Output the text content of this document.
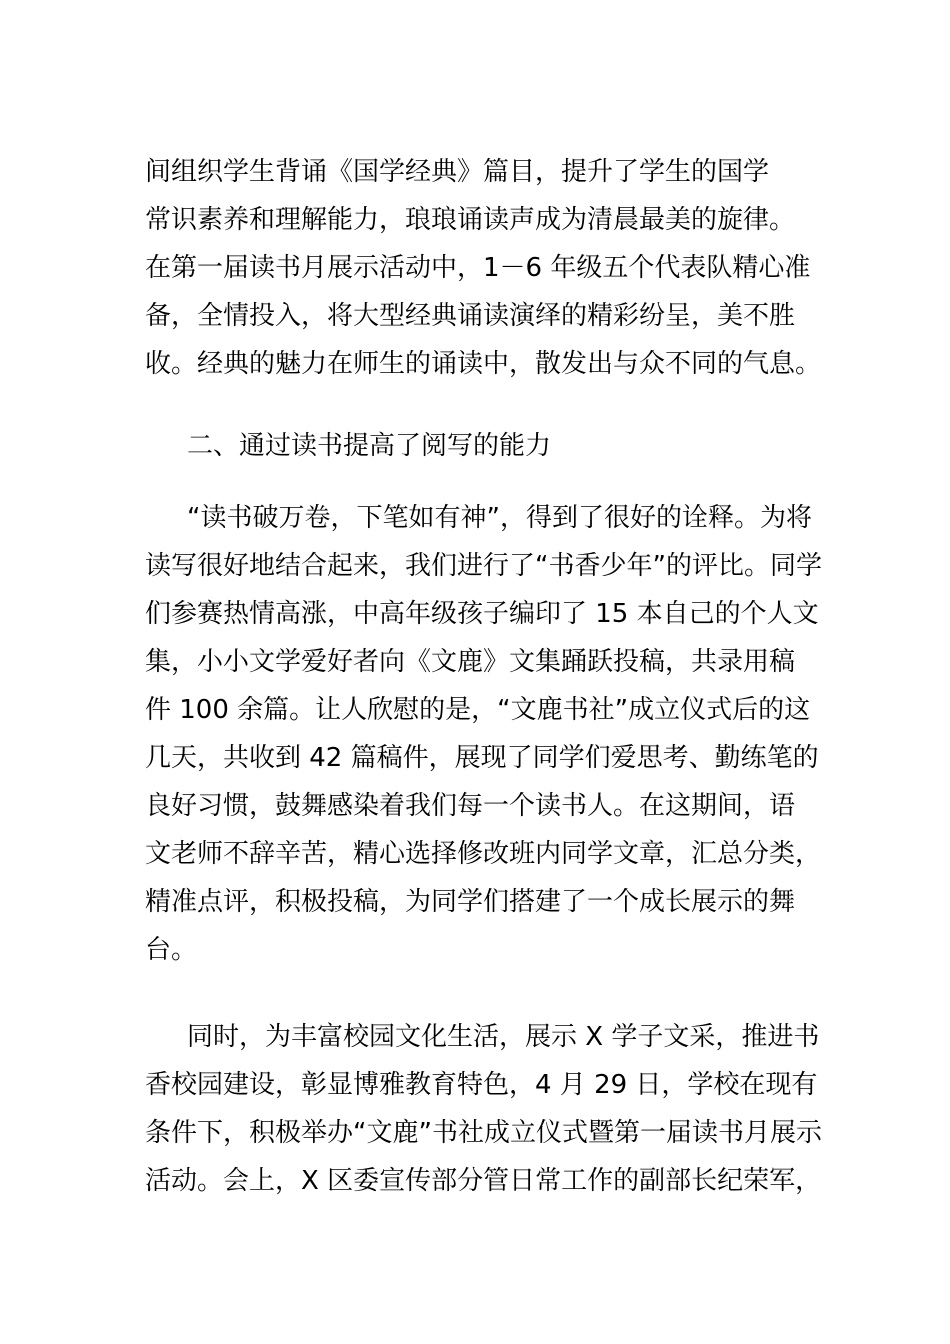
间组织学生背诵《国学经典》篇目，提升了学生的国学
常识素养和理解能力，琅琅诵读声成为清晨最美的旋律。
在第一届读书月展示活动中，1－6 年级五个代表队精心准
备，全情投入，将大型经典诵读演绎的精彩纷呈，美不胜
收。经典的魅力在师生的诵读中，散发出与众不同的气息。
二、通过读书提高了阅写的能力
“读书破万卷，下笔如有神”，得到了很好的诠释。为将
读写很好地结合起来，我们进行了“书香少年”的评比。同学
们参赛热情高涨，中高年级孩子编印了 15 本自己的个人文
集，小小文学爱好者向《文鹿》文集踊跃投稿，共录用稿
件 100 余篇。让人欣慰的是，“文鹿书社”成立仪式后的这
几天，共收到 42 篇稿件，展现了同学们爱思考、勤练笔的
良好习惯，鼓舞感染着我们每一个读书人。在这期间，语
文老师不辞辛苦，精心选择修改班内同学文章，汇总分类，
精准点评，积极投稿，为同学们搭建了一个成长展示的舞
台。
同时，为丰富校园文化生活，展示 X 学子文采，推进书
香校园建设，彰显博雅教育特色，4 月 29 日，学校在现有
条件下，积极举办“文鹿”书社成立仪式暨第一届读书月展示
活动。会上，X 区委宣传部分管日常工作的副部长纪荣军，
